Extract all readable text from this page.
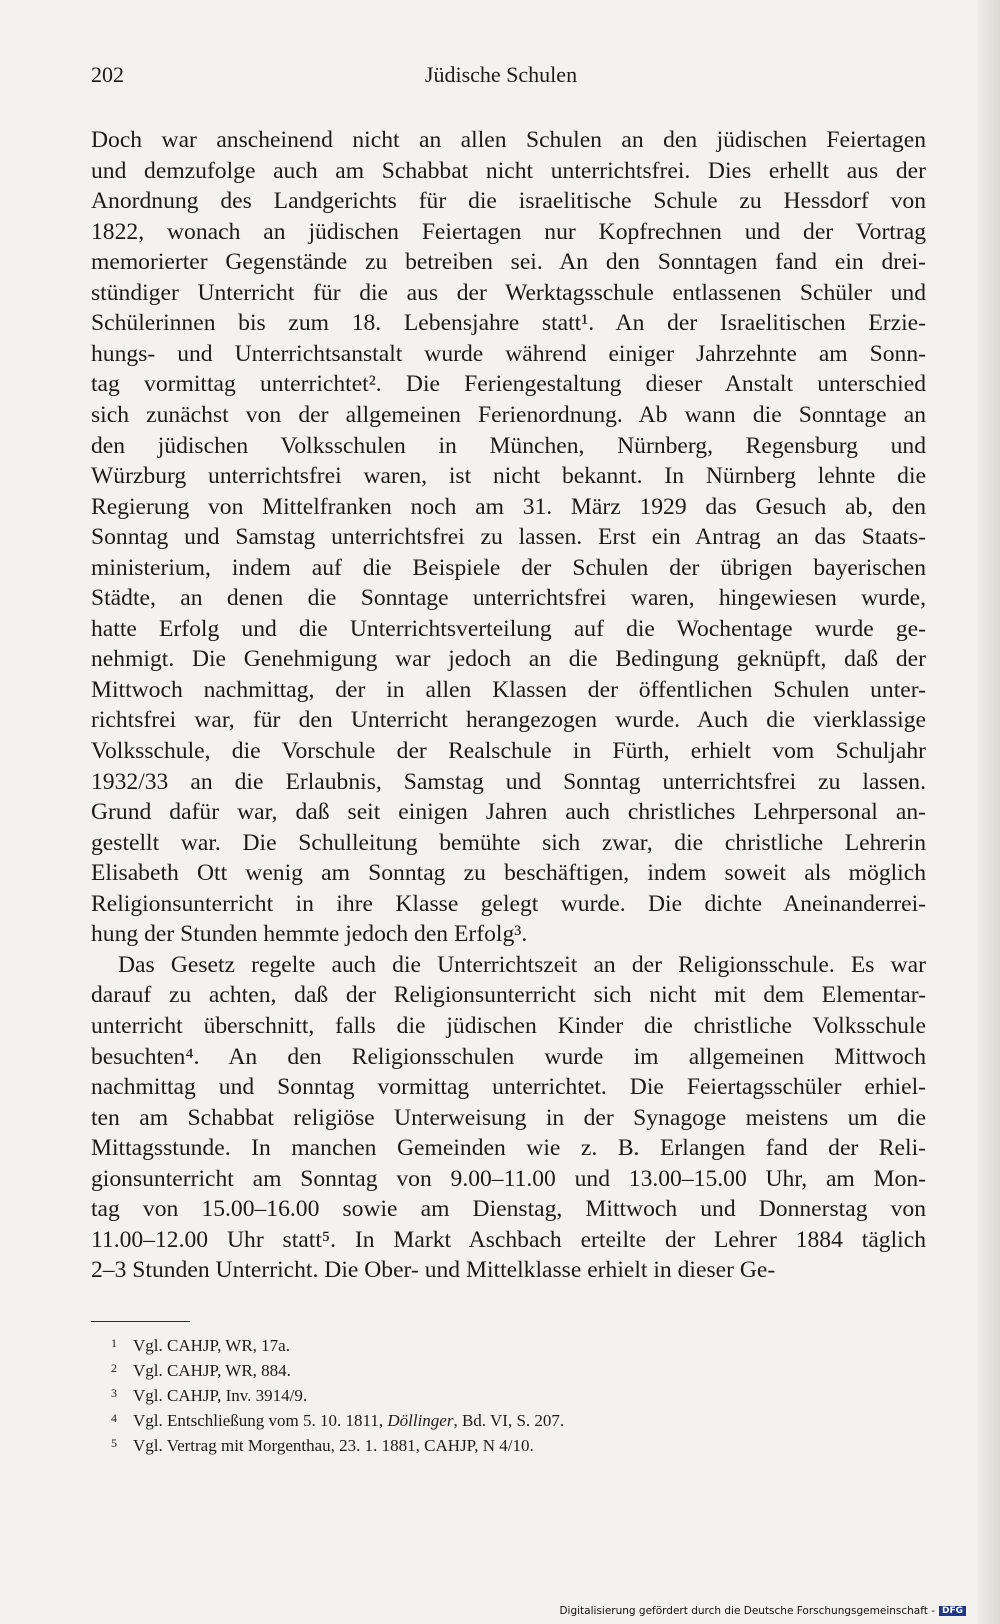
202	Jüdische Schulen
Doch war anscheinend nicht an allen Schulen an den jüdischen Feiertagen
und demzufolge auch am Schabbat nicht unterrichtsfrei. Dies erhellt aus der
Anordnung des Landgerichts für die israelitische Schule zu Hessdorf von
1822, wonach an jüdischen Feiertagen nur Kopfrechnen und der Vortrag
memorierter Gegenstände zu betreiben sei. An den Sonntagen fand ein drei-
stündiger Unterricht für die aus der Werktagsschule entlassenen Schüler und
Schülerinnen bis zum 18. Lebensjahre statt¹. An der Israelitischen Erzie-
hungs- und Unterrichtsanstalt wurde während einiger Jahrzehnte am Sonn-
tag vormittag unterrichtet². Die Feriengestaltung dieser Anstalt unterschied
sich zunächst von der allgemeinen Ferienordnung. Ab wann die Sonntage an
den jüdischen Volksschulen in München, Nürnberg, Regensburg und
Würzburg unterrichtsfrei waren, ist nicht bekannt. In Nürnberg lehnte die
Regierung von Mittelfranken noch am 31. März 1929 das Gesuch ab, den
Sonntag und Samstag unterrichtsfrei zu lassen. Erst ein Antrag an das Staats-
ministerium, indem auf die Beispiele der Schulen der übrigen bayerischen
Städte, an denen die Sonntage unterrichtsfrei waren, hingewiesen wurde,
hatte Erfolg und die Unterrichtsverteilung auf die Wochentage wurde ge-
nehmigt. Die Genehmigung war jedoch an die Bedingung geknüpft, daß der
Mittwoch nachmittag, der in allen Klassen der öffentlichen Schulen unter-
richtsfrei war, für den Unterricht herangezogen wurde. Auch die vierklassige
Volksschule, die Vorschule der Realschule in Fürth, erhielt vom Schuljahr
1932/33 an die Erlaubnis, Samstag und Sonntag unterrichtsfrei zu lassen.
Grund dafür war, daß seit einigen Jahren auch christliches Lehrpersonal an-
gestellt war. Die Schulleitung bemühte sich zwar, die christliche Lehrerin
Elisabeth Ott wenig am Sonntag zu beschäftigen, indem soweit als möglich
Religionsunterricht in ihre Klasse gelegt wurde. Die dichte Aneinanderrei-
hung der Stunden hemmte jedoch den Erfolg³.
Das Gesetz regelte auch die Unterrichtszeit an der Religionsschule. Es war
darauf zu achten, daß der Religionsunterricht sich nicht mit dem Elementar-
unterricht überschnitt, falls die jüdischen Kinder die christliche Volksschule
besuchten⁴. An den Religionsschulen wurde im allgemeinen Mittwoch
nachmittag und Sonntag vormittag unterrichtet. Die Feiertagsschüler erhiel-
ten am Schabbat religiöse Unterweisung in der Synagoge meistens um die
Mittagsstunde. In manchen Gemeinden wie z. B. Erlangen fand der Reli-
gionsunterricht am Sonntag von 9.00–11.00 und 13.00–15.00 Uhr, am Mon-
tag von 15.00–16.00 sowie am Dienstag, Mittwoch und Donnerstag von
11.00–12.00 Uhr statt⁵. In Markt Aschbach erteilte der Lehrer 1884 täglich
2–3 Stunden Unterricht. Die Ober- und Mittelklasse erhielt in dieser Ge-
1 Vgl. CAHJP, WR, 17a.
2 Vgl. CAHJP, WR, 884.
3 Vgl. CAHJP, Inv. 3914/9.
4 Vgl. Entschließung vom 5. 10. 1811, Döllinger, Bd. VI, S. 207.
5 Vgl. Vertrag mit Morgenthau, 23. 1. 1881, CAHJP, N 4/10.
Digitalisierung gefördert durch die Deutsche Forschungsgemeinschaft - DFG
